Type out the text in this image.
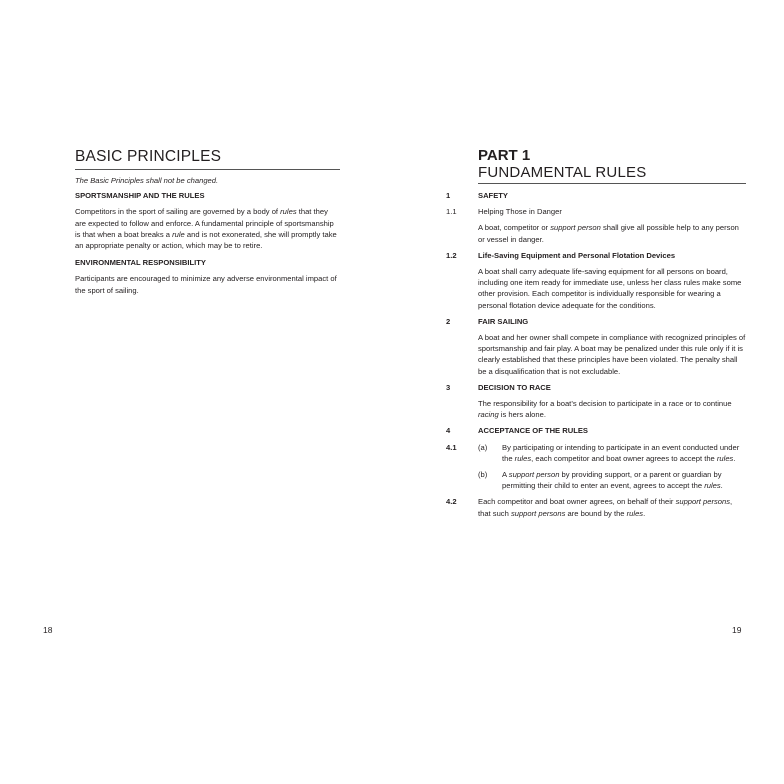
BASIC PRINCIPLES
The Basic Principles shall not be changed.
SPORTSMANSHIP AND THE RULES
Competitors in the sport of sailing are governed by a body of rules that they are expected to follow and enforce. A fundamental principle of sportsmanship is that when a boat breaks a rule and is not exonerated, she will promptly take an appropriate penalty or action, which may be to retire.
ENVIRONMENTAL RESPONSIBILITY
Participants are encouraged to minimize any adverse environmental impact of the sport of sailing.
18
PART 1
FUNDAMENTAL RULES
1	SAFETY
1.1	Helping Those in Danger
A boat, competitor or support person shall give all possible help to any person or vessel in danger.
1.2	Life-Saving Equipment and Personal Flotation Devices
A boat shall carry adequate life-saving equipment for all persons on board, including one item ready for immediate use, unless her class rules make some other provision. Each competitor is individually responsible for wearing a personal flotation device adequate for the conditions.
2	FAIR SAILING
A boat and her owner shall compete in compliance with recognized principles of sportsmanship and fair play. A boat may be penalized under this rule only if it is clearly established that these principles have been violated. The penalty shall be a disqualification that is not excludable.
3	DECISION TO RACE
The responsibility for a boat’s decision to participate in a race or to continue racing is hers alone.
4	ACCEPTANCE OF THE RULES
4.1	(a)	By participating or intending to participate in an event conducted under the rules, each competitor and boat owner agrees to accept the rules.
(b)	A support person by providing support, or a parent or guardian by permitting their child to enter an event, agrees to accept the rules.
4.2	Each competitor and boat owner agrees, on behalf of their support persons, that such support persons are bound by the rules.
19
